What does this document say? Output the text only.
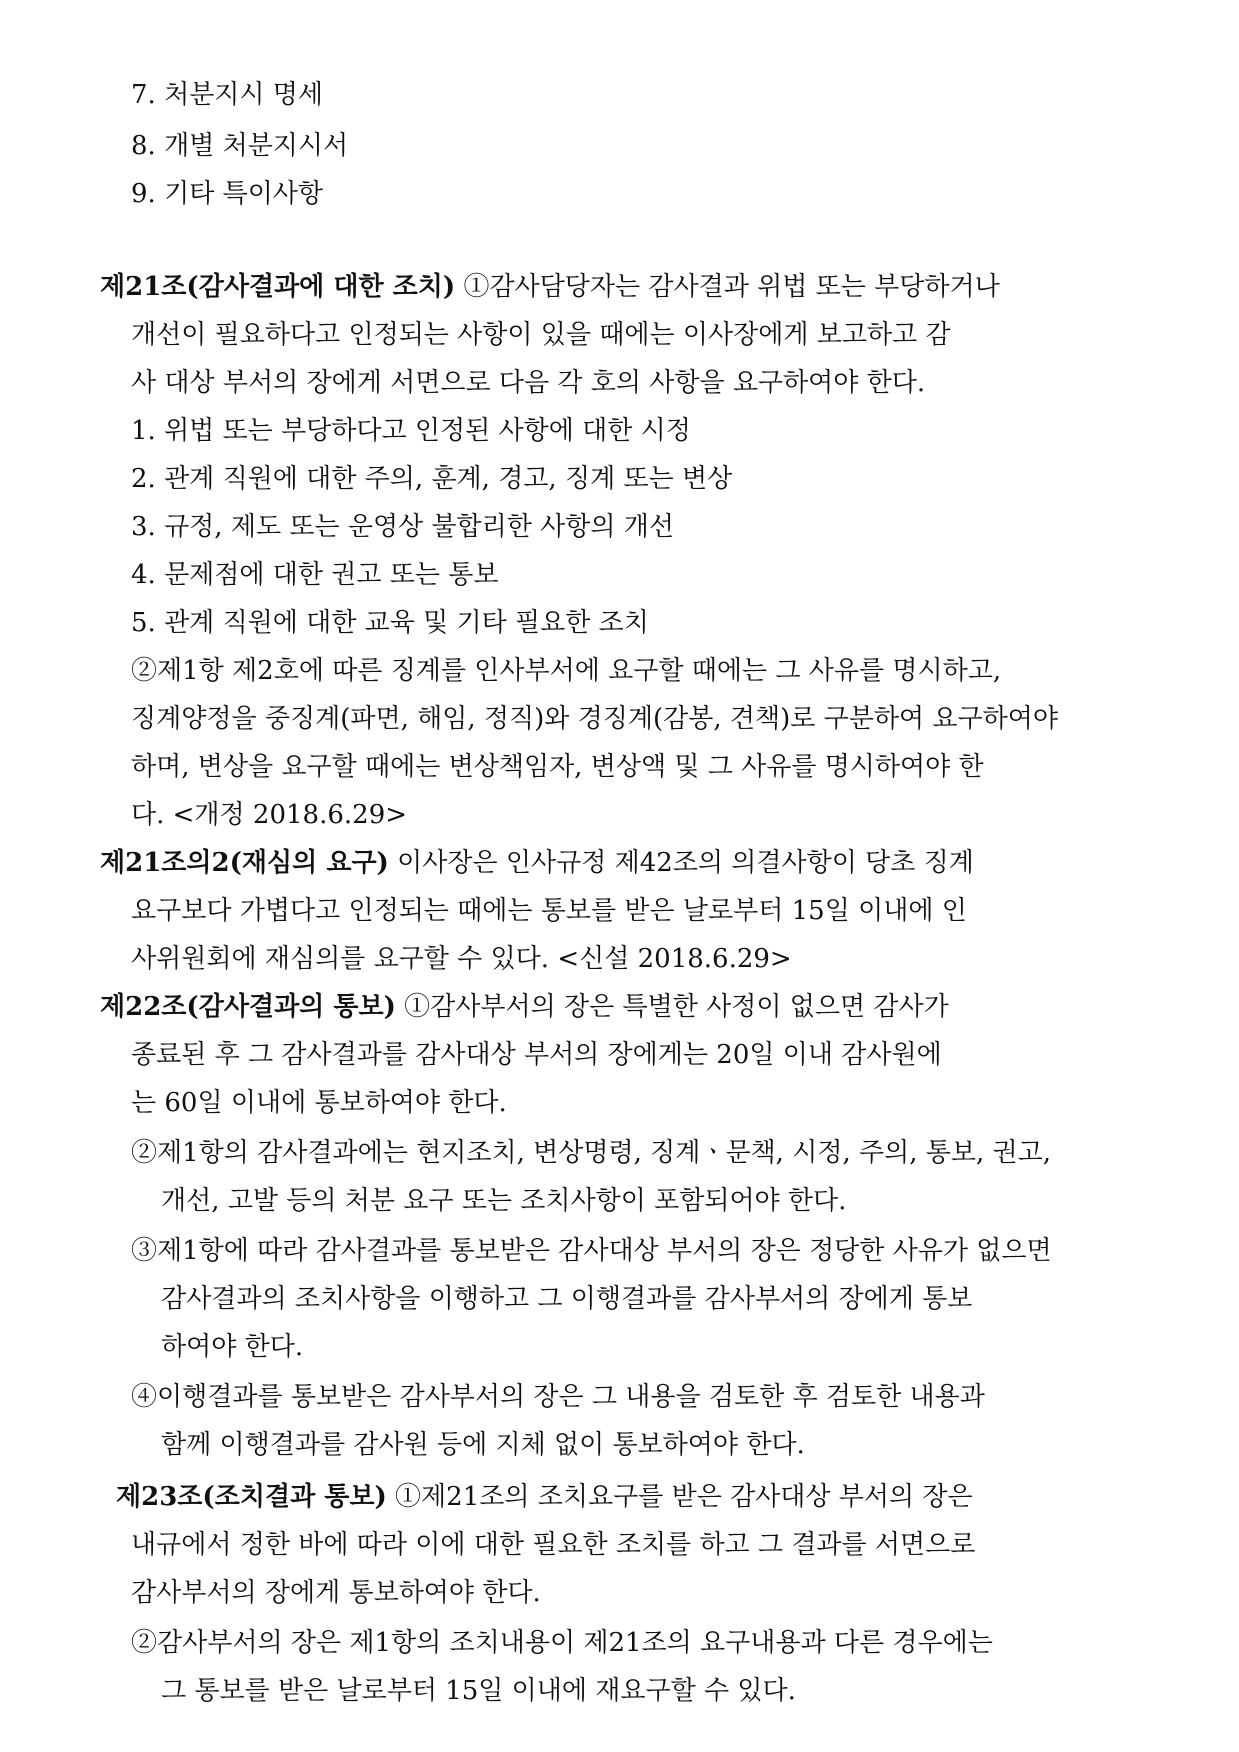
7. 처분지시 명세
8. 개별 처분지시서
9. 기타 특이사항
제21조(감사결과에 대한 조치) ①감사담당자는 감사결과 위법 또는 부당하거나
개선이 필요하다고 인정되는 사항이 있을 때에는 이사장에게 보고하고 감
사 대상 부서의 장에게 서면으로 다음 각 호의 사항을 요구하여야 한다.
1. 위법 또는 부당하다고 인정된 사항에 대한 시정
2. 관계 직원에 대한 주의, 훈계, 경고, 징계 또는 변상
3. 규정, 제도 또는 운영상 불합리한 사항의 개선
4. 문제점에 대한 권고 또는 통보
5. 관계 직원에 대한 교육 및 기타 필요한 조치
②제1항 제2호에 따른 징계를 인사부서에 요구할 때에는 그 사유를 명시하고,
징계양정을 중징계(파면, 해임, 정직)와 경징계(감봉, 견책)로 구분하여 요구하여야
하며, 변상을 요구할 때에는 변상책임자, 변상액 및 그 사유를 명시하여야 한
다. <개정 2018.6.29>
제21조의2(재심의 요구) 이사장은 인사규정 제42조의 의결사항이 당초 징계
요구보다 가볍다고 인정되는 때에는 통보를 받은 날로부터 15일 이내에 인
사위원회에 재심의를 요구할 수 있다. <신설 2018.6.29>
제22조(감사결과의 통보) ①감사부서의 장은 특별한 사정이 없으면 감사가
종료된 후 그 감사결과를 감사대상 부서의 장에게는 20일 이내 감사원에
는 60일 이내에 통보하여야 한다.
②제1항의 감사결과에는 현지조치, 변상명령, 징계ㆍ문책, 시정, 주의, 통보, 권고,
개선, 고발 등의 처분 요구 또는 조치사항이 포함되어야 한다.
③제1항에 따라 감사결과를 통보받은 감사대상 부서의 장은 정당한 사유가 없으면
감사결과의 조치사항을 이행하고 그 이행결과를 감사부서의 장에게 통보
하여야 한다.
④이행결과를 통보받은 감사부서의 장은 그 내용을 검토한 후 검토한 내용과
함께 이행결과를 감사원 등에 지체 없이 통보하여야 한다.
제23조(조치결과 통보) ①제21조의 조치요구를 받은 감사대상 부서의 장은
내규에서 정한 바에 따라 이에 대한 필요한 조치를 하고 그 결과를 서면으로
감사부서의 장에게 통보하여야 한다.
②감사부서의 장은 제1항의 조치내용이 제21조의 요구내용과 다른 경우에는
그 통보를 받은 날로부터 15일 이내에 재요구할 수 있다.
